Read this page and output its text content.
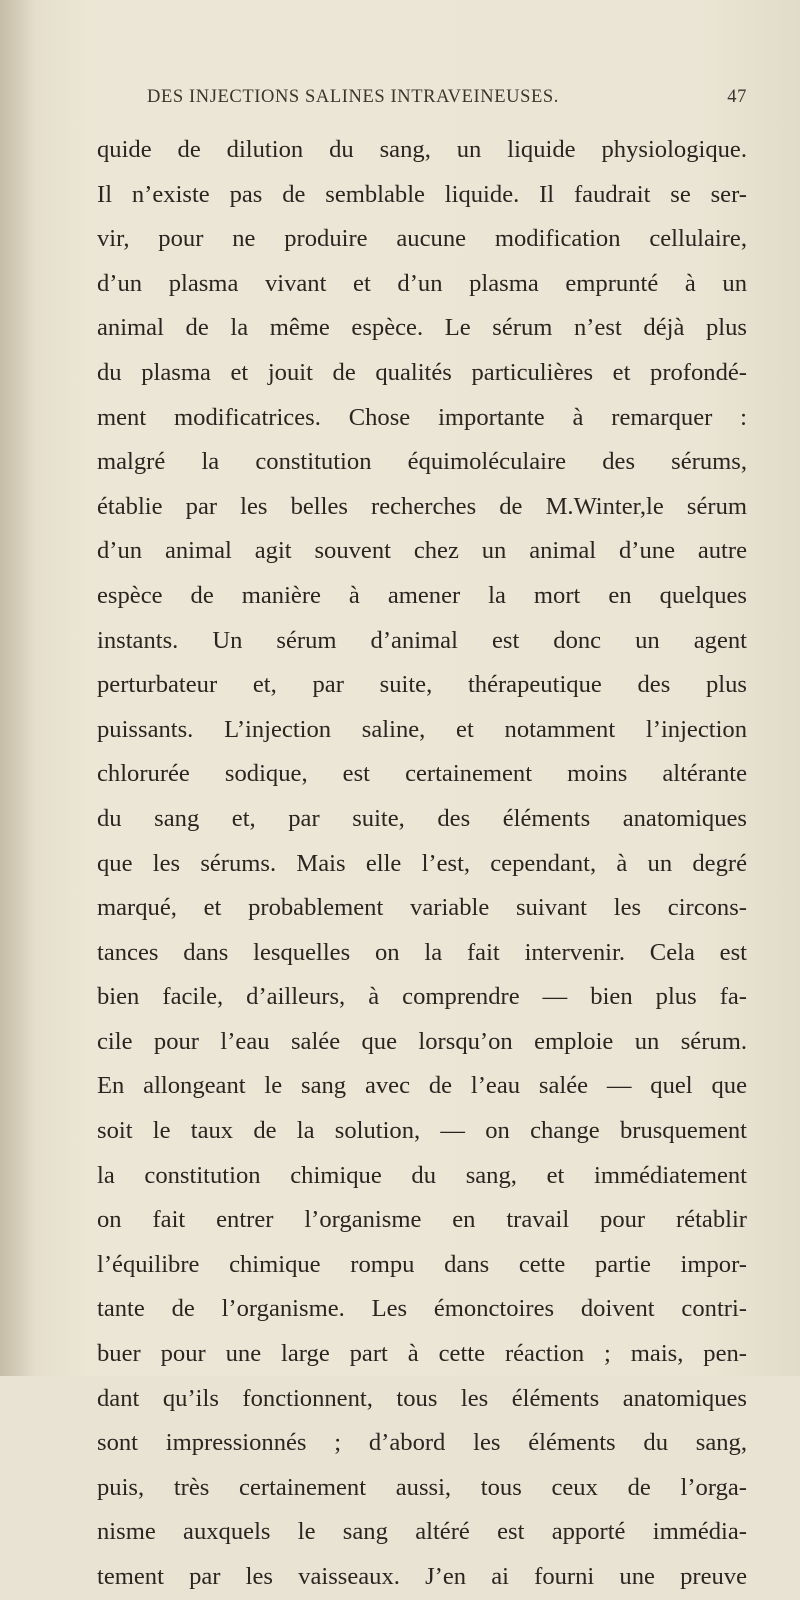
DES INJECTIONS SALINES INTRAVEINEUSES.	47
quide de dilution du sang, un liquide physiologique.
Il n’existe pas de semblable liquide. Il faudrait se ser-
vir, pour ne produire aucune modification cellulaire,
d’un plasma vivant et d’un plasma emprunté à un
animal de la même espèce. Le sérum n’est déjà plus
du plasma et jouit de qualités particulières et profondé-
ment modificatrices. Chose importante à remarquer :
malgré la constitution équimoléculaire des sérums,
établie par les belles recherches de M.Winter,le sérum
d’un animal agit souvent chez un animal d’une autre
espèce de manière à amener la mort en quelques
instants. Un sérum d’animal est donc un agent
perturbateur et, par suite, thérapeutique des plus
puissants. L’injection saline, et notamment l’injection
chlorurée sodique, est certainement moins altérante
du sang et, par suite, des éléments anatomiques
que les sérums. Mais elle l’est, cependant, à un degré
marqué, et probablement variable suivant les circons-
tances dans lesquelles on la fait intervenir. Cela est
bien facile, d’ailleurs, à comprendre — bien plus fa-
cile pour l’eau salée que lorsqu’on emploie un sérum.
En allongeant le sang avec de l’eau salée — quel que
soit le taux de la solution, — on change brusquement
la constitution chimique du sang, et immédiatement
on fait entrer l’organisme en travail pour rétablir
l’équilibre chimique rompu dans cette partie impor-
tante de l’organisme. Les émonctoires doivent contri-
buer pour une large part à cette réaction ; mais, pen-
dant qu’ils fonctionnent, tous les éléments anatomiques
sont impressionnés ; d’abord les éléments du sang,
puis, très certainement aussi, tous ceux de l’orga-
nisme auxquels le sang altéré est apporté immédia-
tement par les vaisseaux. J’en ai fourni une preuve
